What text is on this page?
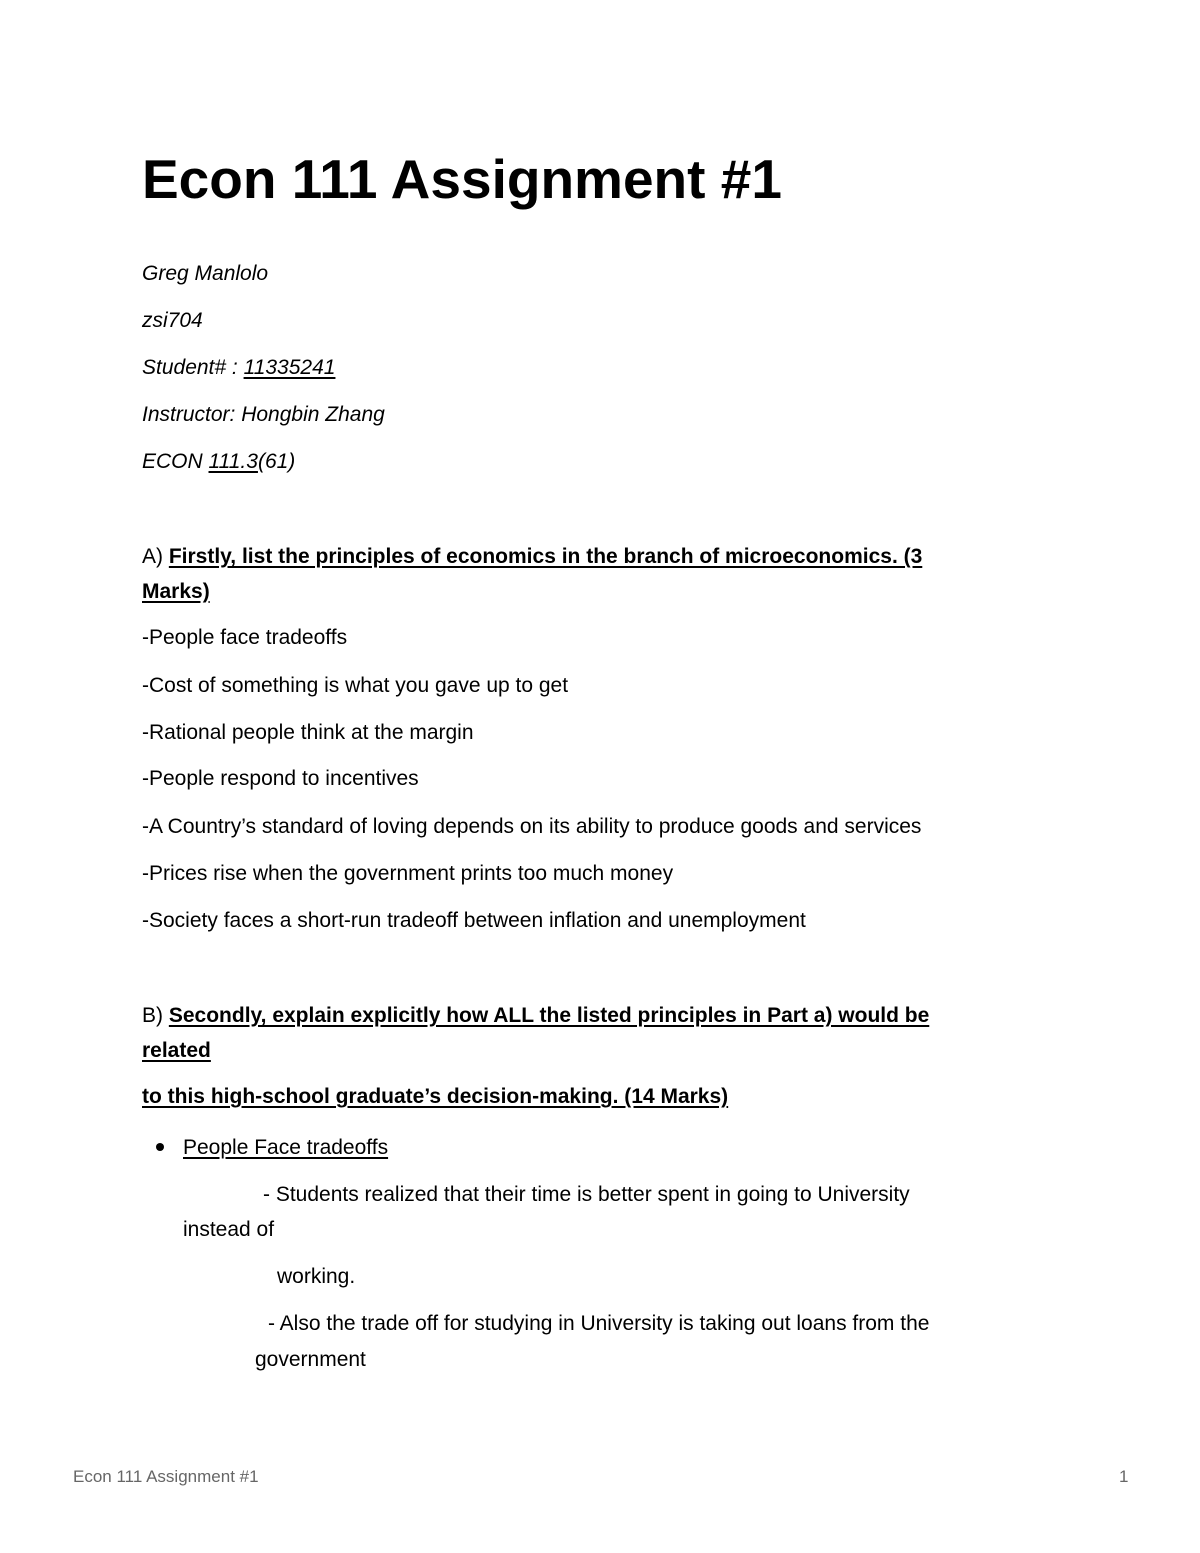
Econ 111 Assignment #1
Greg Manlolo
zsi704
Student# : 11335241
Instructor: Hongbin Zhang
ECON 111.3(61)
A) Firstly, list the principles of economics in the branch of microeconomics. (3
Marks)
-People face tradeoffs
-Cost of something is what you gave up to get
-Rational people think at the margin
-People respond to incentives
-A Country’s standard of loving depends on its ability to produce goods and services
-Prices rise when the government prints too much money
-Society faces a short-run tradeoff between inflation and unemployment
B) Secondly, explain explicitly how ALL the listed principles in Part a) would be
related
to this high-school graduate’s decision-making. (14 Marks)
People Face tradeoffs
- Students realized that their time is better spent in going to University
instead of
working.
- Also the trade off for studying in University is taking out loans from the
government
Econ 111 Assignment #1	1
